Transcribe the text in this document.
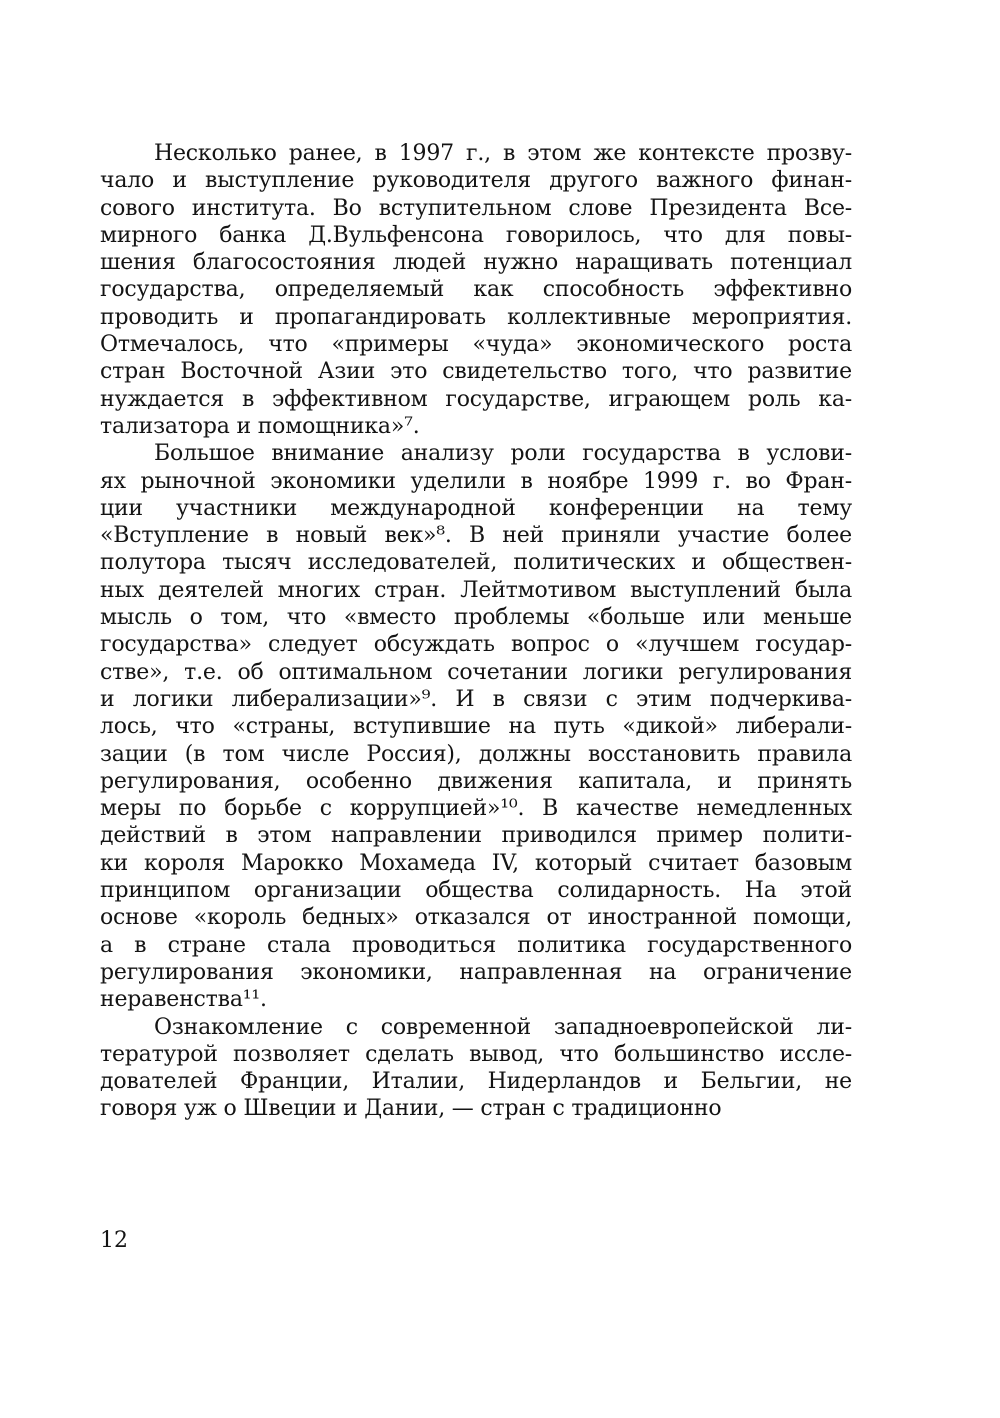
Несколько ранее, в 1997 г., в этом же контексте прозву-
чало и выступление руководителя другого важного финан-
сового института. Во вступительном слове Президента Все-
мирного банка Д.Вульфенсона говорилось, что для повы-
шения благосостояния людей нужно наращивать потенциал
государства, определяемый как способность эффективно
проводить и пропагандировать коллективные мероприятия.
Отмечалось, что «примеры «чуда» экономического роста
стран Восточной Азии это свидетельство того, что развитие
нуждается в эффективном государстве, играющем роль ка-
тализатора и помощника»⁷.
Большое внимание анализу роли государства в услови-
ях рыночной экономики уделили в ноябре 1999 г. во Фран-
ции участники международной конференции на тему
«Вступление в новый век»⁸. В ней приняли участие более
полутора тысяч исследователей, политических и обществен-
ных деятелей многих стран. Лейтмотивом выступлений была
мысль о том, что «вместо проблемы «больше или меньше
государства» следует обсуждать вопрос о «лучшем государ-
стве», т.е. об оптимальном сочетании логики регулирования
и логики либерализации»⁹. И в связи с этим подчеркива-
лось, что «страны, вступившие на путь «дикой» либерали-
зации (в том числе Россия), должны восстановить правила
регулирования, особенно движения капитала, и принять
меры по борьбе с коррупцией»¹⁰. В качестве немедленных
действий в этом направлении приводился пример полити-
ки короля Марокко Мохамеда IV, который считает базовым
принципом организации общества солидарность. На этой
основе «король бедных» отказался от иностранной помощи,
а в стране стала проводиться политика государственного
регулирования экономики, направленная на ограничение
неравенства¹¹.
Ознакомление с современной западноевропейской ли-
тературой позволяет сделать вывод, что большинство иссле-
дователей Франции, Италии, Нидерландов и Бельгии, не
говоря уж о Швеции и Дании, — стран с традиционно
12
